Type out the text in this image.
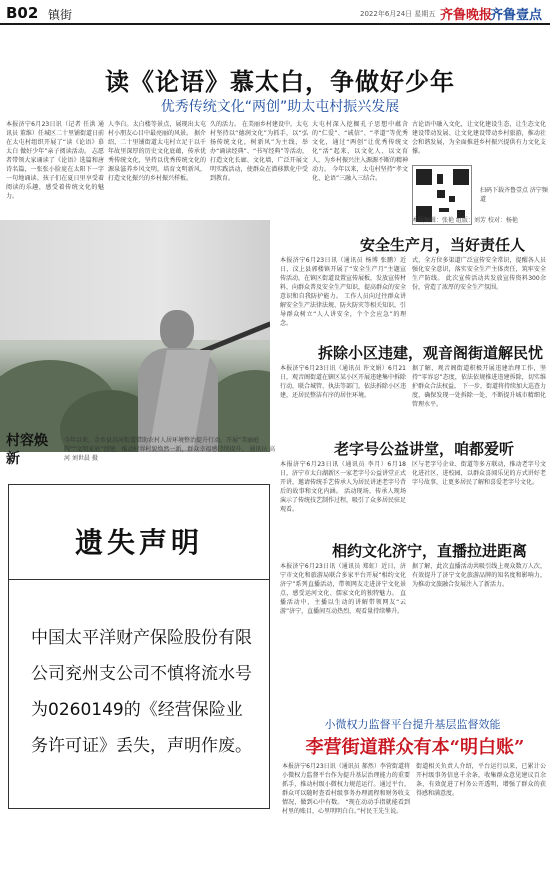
B02 镇街	2022年6月24日 星期五 齐鲁晚报
齐鲁壹点
读《论语》慕太白，争做好少年
优秀传统文化“两创”助太屯村振兴发展
本报济宁6月23日讯（记者 任洪 通讯员 董维）任城区二十里铺街道日前在太屯村组织开展了“读《论语》慕太白 做好少年”亲子阅读活动。 志愿者带领大家诵读了《论语》选篇和唐诗名篇，一张张小脸庞在太阳下一字一句地诵读。孩子们在夏日里享受着阅读的乐趣，感受着传统文化的魅力。
人李白。太白楼等景点，展现出太屯村小朋友心目中最亮丽的风景。 据介绍，二十里铺街道太屯村立足于以千年故里深厚的历史文化底蕴，传承优秀传统文化，坚持以优秀传统文化的源泉滋养乡风文明，培育文明新风，打造文化振兴的乡村振兴样板。
久的活力。 在美丽乡村建设中，太屯村坚持以“德润文化”为抓手，以“弘扬传统文化，树新风”为主线，举办“诵读经典”、“书写经典”等活动，打造文化长廊、文化墙，广泛开展文明实践活动，使群众在潜移默化中受到教育。
大屯村深入挖掘孔子思想中蕴含的“仁爱”、“诚信”、“孝道”等优秀文化，通过“两创”让优秀传统文化“活”起来，以文化人、以文育人，为乡村振兴注入源源不断的精神动力。 今年以来，太屯村坚持“孝文化、论语”三融入三结合。
古论语中融入文化，让文化建设生态，让生态文化建设带动发展、让文化建设带动乡村旅游，推动社会和谐发展，为全面推进乡村振兴提供有力文化支撑。
扫码下载齐鲁壹点 济宁频道
本版编辑：张艳 组版：刘芳 校对：杨艳
安全生产月，当好责任人
本报济宁6月23日讯（通讯员 杨博 张鹏）近日，汶上县郭楼镇开展了“安全生产月”主题宣传活动，在镇区街道设置宣传展板，发放宣传材料，向群众普及安全生产知识，提高群众的安全意识和自我防护能力。 工作人员向过往群众讲解安全生产法律法规、防火防灾等相关知识，引导群众树立“人人讲安全，个个会应急”的理念。
式，全方位多渠道广泛宣传安全常识，提醒各人员强化安全意识，落实安全生产主体责任，筑牢安全生产防线。 此次宣传活动共发放宣传资料300余份，营造了浓厚的安全生产氛围。
拆除小区违建，观音阁街道解民忧
本报济宁6月23日讯（通讯员 许文娟）6月21日，观音阁街道在辖区某小区开展违建集中拆除行动，联合城管、执法等部门，依法拆除小区违建，还居民整洁有序的居住环境。
据了解，观音阁街道积极开展违建治理工作，坚持“零容忍”态度，依法依规推进违建拆除，切实维护群众合法权益。 下一步，街道将持续加大巡查力度，确保发现一处拆除一处，不断提升城市精细化管理水平。
村容焕新
今年以来，金乡县高河街道借助农村人居环境整治提升行动，开展“美丽庭院”“文明家庭”创建，推动村容村貌焕然一新，群众幸福感持续提升。 通讯员 高河 刘世晨 摄
老字号公益讲堂，咱都爱听
本报济宁6月23日讯（通讯员 李月）6月18日，济宁市太白湖新区一家老字号公益讲堂正式开讲，邀请传统手艺传承人为居民讲述老字号背后的故事和文化内涵。 活动现场，传承人现场演示了传统技艺制作过程，吸引了众多居民驻足观看。
区与老字号企业、街道等多方联动，推动老字号文化进社区、进校园，以群众喜闻乐见的方式讲好老字号故事，让更多居民了解和喜爱老字号文化。
相约文化济宁，直播拉进距离
本报济宁6月23日讯（通讯员 郑虹）近日，济宁市文化和旅游局联合多家平台开展“相约文化济宁”系列直播活动，带领网友走进济宁文化景点，感受运河文化、儒家文化的独特魅力。 直播活动中，主播以生动的讲解带领网友“云游”济宁，直播间互动热烈，观看量持续攀升。
据了解，此次直播活动共吸引线上观众数万人次，有效提升了济宁文化旅游品牌的知名度和影响力，为推动文旅融合发展注入了新活力。
遗失声明
中国太平洋财产保险股份有限公司兖州支公司不慎将流水号为0260149的《经营保险业务许可证》丢失，声明作废。
小微权力监督平台提升基层监督效能
李营街道群众有本“明白账”
本报济宁6月23日讯（通讯员 郝然）李营街道将小微权力监督平台作为提升基层治理能力的重要抓手，推动村级小微权力规范运行。通过平台，群众可以随时查看村级事务办理流程和财务收支情况，做到心中有数。 “现在动动手指就能看到村里的账目，心里明明白白。”村民王先生说。
街道相关负责人介绍，平台运行以来，已累计公开村级事务信息千余条，收集群众意见建议百余条，有效促进了村务公开透明，增强了群众的获得感和满意度。
